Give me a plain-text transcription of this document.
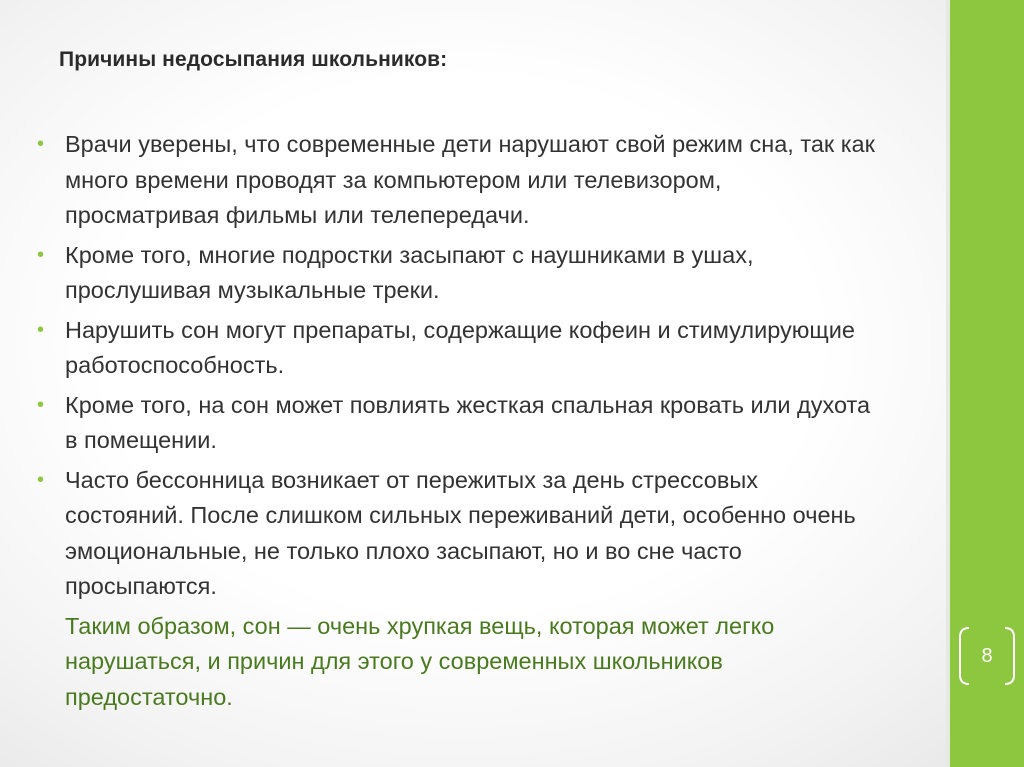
Причины недосыпания школьников:
• Врачи уверены, что современные дети нарушают свой режим сна, так как много времени проводят за компьютером или телевизором, просматривая фильмы или телепередачи.
• Кроме того, многие подростки засыпают с наушниками в ушах, прослушивая музыкальные треки.
• Нарушить сон могут препараты, содержащие кофеин и стимулирующие работоспособность.
• Кроме того, на сон может повлиять жесткая спальная кровать или духота в помещении.
• Часто бессонница возникает от пережитых за день стрессовых состояний. После слишком сильных переживаний дети, особенно очень эмоциональные, не только плохо засыпают, но и во сне часто просыпаются.
Таким образом, сон — очень хрупкая вещь, которая может легко нарушаться, и причин для этого у современных школьников предостаточно.
8
